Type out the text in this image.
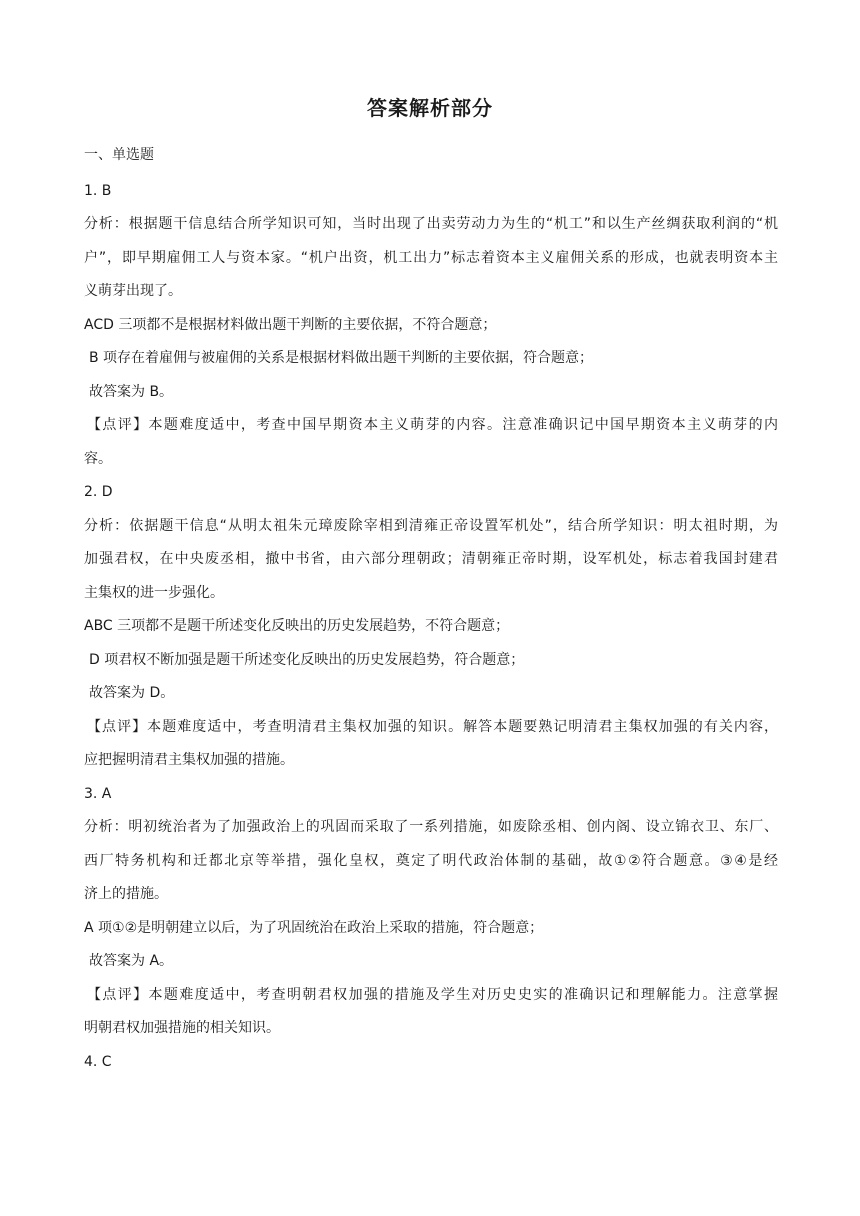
答案解析部分
一、单选题
1. B
分析：根据题干信息结合所学知识可知，当时出现了出卖劳动力为生的“机工”和以生产丝绸获取利润的“机
户”，即早期雇佣工人与资本家。“机户出资，机工出力”标志着资本主义雇佣关系的形成，也就表明资本主
义萌芽出现了。
ACD 三项都不是根据材料做出题干判断的主要依据，不符合题意；
B 项存在着雇佣与被雇佣的关系是根据材料做出题干判断的主要依据，符合题意；
故答案为 B。
【点评】本题难度适中，考查中国早期资本主义萌芽的内容。注意准确识记中国早期资本主义萌芽的内
容。
2. D
分析：依据题干信息“从明太祖朱元璋废除宰相到清雍正帝设置军机处”，结合所学知识：明太祖时期，为
加强君权，在中央废丞相，撤中书省，由六部分理朝政；清朝雍正帝时期，设军机处，标志着我国封建君
主集权的进一步强化。
ABC 三项都不是题干所述变化反映出的历史发展趋势，不符合题意；
D 项君权不断加强是题干所述变化反映出的历史发展趋势，符合题意；
故答案为 D。
【点评】本题难度适中，考查明清君主集权加强的知识。解答本题要熟记明清君主集权加强的有关内容，
应把握明清君主集权加强的措施。
3. A
分析：明初统治者为了加强政治上的巩固而采取了一系列措施，如废除丞相、创内阁、设立锦衣卫、东厂、
西厂特务机构和迁都北京等举措，强化皇权，奠定了明代政治体制的基础，故①②符合题意。③④是经
济上的措施。
A 项①②是明朝建立以后，为了巩固统治在政治上采取的措施，符合题意；
故答案为 A。
【点评】本题难度适中，考查明朝君权加强的措施及学生对历史史实的准确识记和理解能力。注意掌握
明朝君权加强措施的相关知识。
4. C
